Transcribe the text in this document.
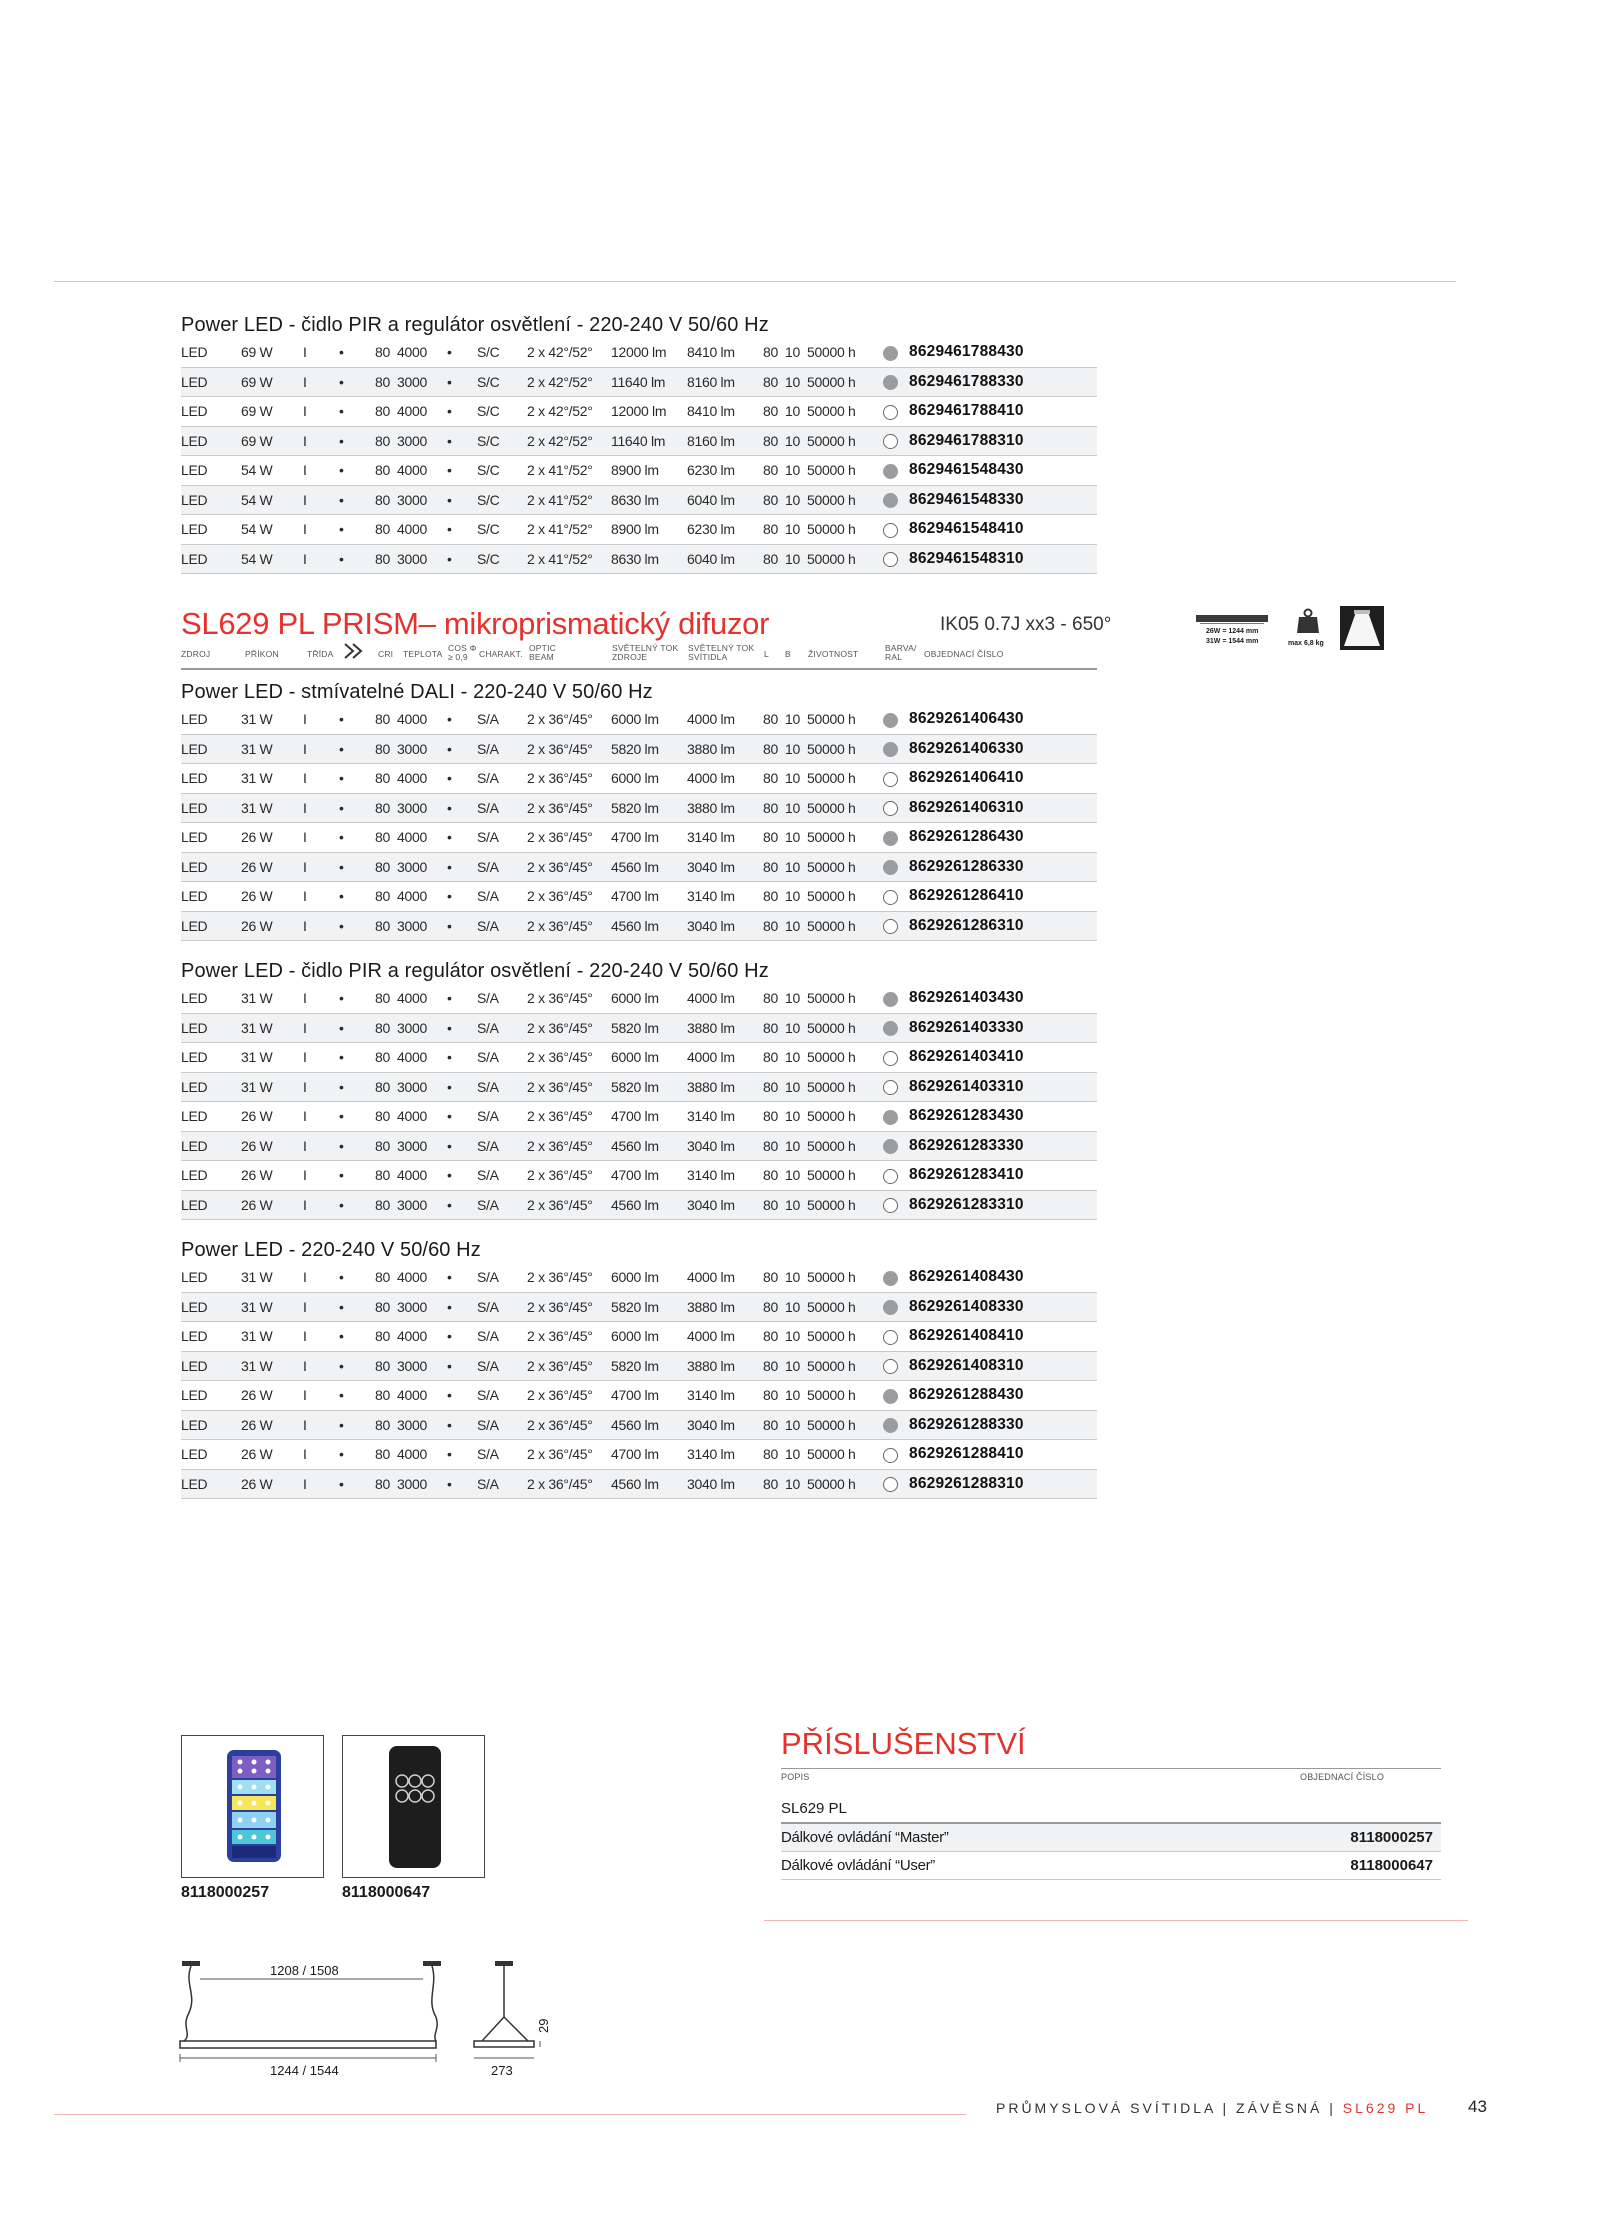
Power LED - čidlo PIR a regulátor osvětlení - 220-240 V 50/60 Hz
LED	69 W	I	•	80	4000	•	S/C	2 x 42°/52°	12000 lm	8410 lm	80	10	50000 h		8629461788430
LED	69 W	I	•	80	3000	•	S/C	2 x 42°/52°	11640 lm	8160 lm	80	10	50000 h		8629461788330
LED	69 W	I	•	80	4000	•	S/C	2 x 42°/52°	12000 lm	8410 lm	80	10	50000 h		8629461788410
LED	69 W	I	•	80	3000	•	S/C	2 x 42°/52°	11640 lm	8160 lm	80	10	50000 h		8629461788310
LED	54 W	I	•	80	4000	•	S/C	2 x 41°/52°	8900 lm	6230 lm	80	10	50000 h		8629461548430
LED	54 W	I	•	80	3000	•	S/C	2 x 41°/52°	8630 lm	6040 lm	80	10	50000 h		8629461548330
LED	54 W	I	•	80	4000	•	S/C	2 x 41°/52°	8900 lm	6230 lm	80	10	50000 h		8629461548410
LED	54 W	I	•	80	3000	•	S/C	2 x 41°/52°	8630 lm	6040 lm	80	10	50000 h		8629461548310
SL629 PL PRISM– mikroprismatický difuzor	IK05 0.7J xx3 - 650°
ZDROJ	PŘÍKON	TŘÍDA	CRI TEPLOTA
COS Φ
≥ 0,9	CHARAKT.
OPTIC
BEAM
SVĚTELNÝ TOK
ZDROJE
SVĚTELNÝ TOK
SVÍTIDLA	L B ŽIVOTNOST
BARVA/
RAL	OBJEDNACÍ ČÍSLO
26W = 1244 mm
31W = 1544 mm	max 6,8 kg
Power LED - stmívatelné DALI - 220-240 V 50/60 Hz
LED	31 W	I	•	80	4000	•	S/A	2 x 36°/45°	6000 lm	4000 lm	80	10	50000 h		8629261406430
LED	31 W	I	•	80	3000	•	S/A	2 x 36°/45°	5820 lm	3880 lm	80	10	50000 h		8629261406330
LED	31 W	I	•	80	4000	•	S/A	2 x 36°/45°	6000 lm	4000 lm	80	10	50000 h		8629261406410
LED	31 W	I	•	80	3000	•	S/A	2 x 36°/45°	5820 lm	3880 lm	80	10	50000 h		8629261406310
LED	26 W	I	•	80	4000	•	S/A	2 x 36°/45°	4700 lm	3140 lm	80	10	50000 h		8629261286430
LED	26 W	I	•	80	3000	•	S/A	2 x 36°/45°	4560 lm	3040 lm	80	10	50000 h		8629261286330
LED	26 W	I	•	80	4000	•	S/A	2 x 36°/45°	4700 lm	3140 lm	80	10	50000 h		8629261286410
LED	26 W	I	•	80	3000	•	S/A	2 x 36°/45°	4560 lm	3040 lm	80	10	50000 h		8629261286310
Power LED - čidlo PIR a regulátor osvětlení - 220-240 V 50/60 Hz
LED	31 W	I	•	80	4000	•	S/A	2 x 36°/45°	6000 lm	4000 lm	80	10	50000 h		8629261403430
LED	31 W	I	•	80	3000	•	S/A	2 x 36°/45°	5820 lm	3880 lm	80	10	50000 h		8629261403330
LED	31 W	I	•	80	4000	•	S/A	2 x 36°/45°	6000 lm	4000 lm	80	10	50000 h		8629261403410
LED	31 W	I	•	80	3000	•	S/A	2 x 36°/45°	5820 lm	3880 lm	80	10	50000 h		8629261403310
LED	26 W	I	•	80	4000	•	S/A	2 x 36°/45°	4700 lm	3140 lm	80	10	50000 h		8629261283430
LED	26 W	I	•	80	3000	•	S/A	2 x 36°/45°	4560 lm	3040 lm	80	10	50000 h		8629261283330
LED	26 W	I	•	80	4000	•	S/A	2 x 36°/45°	4700 lm	3140 lm	80	10	50000 h		8629261283410
LED	26 W	I	•	80	3000	•	S/A	2 x 36°/45°	4560 lm	3040 lm	80	10	50000 h		8629261283310
Power LED - 220-240 V 50/60 Hz
LED	31 W	I	•	80	4000	•	S/A	2 x 36°/45°	6000 lm	4000 lm	80	10	50000 h		8629261408430
LED	31 W	I	•	80	3000	•	S/A	2 x 36°/45°	5820 lm	3880 lm	80	10	50000 h		8629261408330
LED	31 W	I	•	80	4000	•	S/A	2 x 36°/45°	6000 lm	4000 lm	80	10	50000 h		8629261408410
LED	31 W	I	•	80	3000	•	S/A	2 x 36°/45°	5820 lm	3880 lm	80	10	50000 h		8629261408310
LED	26 W	I	•	80	4000	•	S/A	2 x 36°/45°	4700 lm	3140 lm	80	10	50000 h		8629261288430
LED	26 W	I	•	80	3000	•	S/A	2 x 36°/45°	4560 lm	3040 lm	80	10	50000 h		8629261288330
LED	26 W	I	•	80	4000	•	S/A	2 x 36°/45°	4700 lm	3140 lm	80	10	50000 h		8629261288410
LED	26 W	I	•	80	3000	•	S/A	2 x 36°/45°	4560 lm	3040 lm	80	10	50000 h		8629261288310
8118000257	8118000647
PŘÍSLUŠENSTVÍ
POPIS	OBJEDNACÍ ČÍSLO
SL629 PL
Dálkové ovládání “Master”	8118000257
Dálkové ovládání “User”	8118000647
1208 / 1508
1244 / 1544	273
29
PRŮMYSLOVÁ SVÍTIDLA | ZÁVĚSNÁ | SL629 PL 43
